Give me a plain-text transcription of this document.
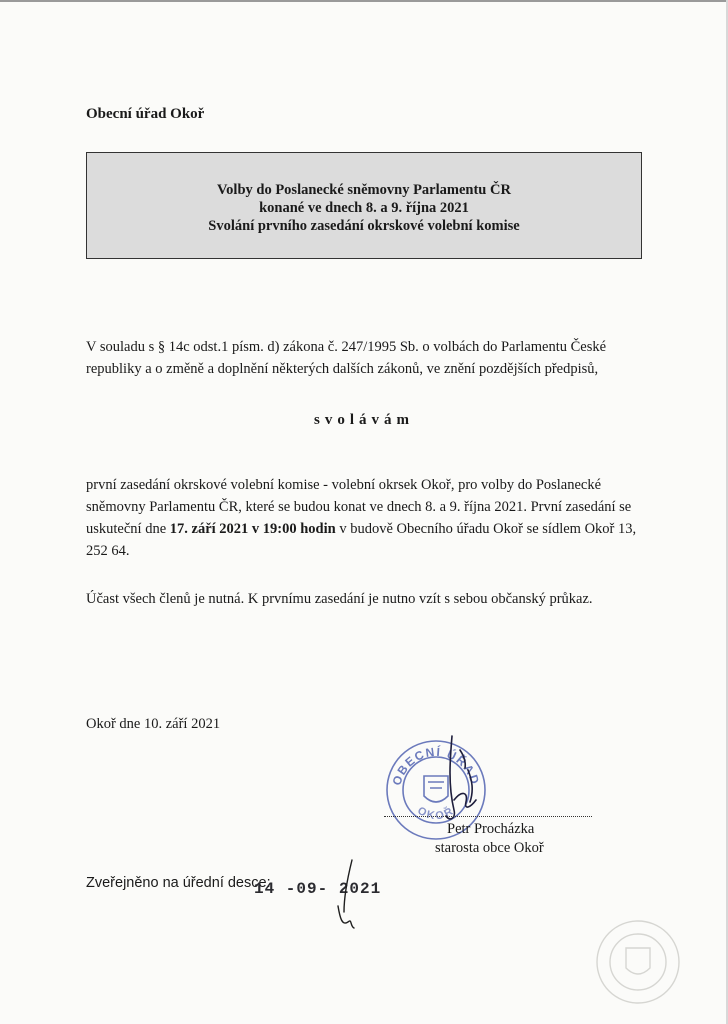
Obecní úřad Okoř
Volby do Poslanecké sněmovny Parlamentu ČR
konané ve dnech 8. a 9. října 2021
Svolání prvního zasedání okrskové volební komise
V souladu s § 14c odst.1 písm. d) zákona č. 247/1995 Sb. o volbách do Parlamentu České republiky a o změně a doplnění některých dalších zákonů, ve znění pozdějších předpisů,
svolávám
první zasedání okrskové volební komise - volební okrsek Okoř, pro volby do Poslanecké sněmovny Parlamentu ČR, které se budou konat ve dnech 8. a 9. října 2021. První zasedání se uskuteční dne 17. září 2021 v 19:00 hodin v budově Obecního úřadu Okoř se sídlem Okoř 13, 252 64.
Účast všech členů je nutná. K prvnímu zasedání je nutno vzít s sebou občanský průkaz.
Okoř dne 10. září 2021
OBECNÍ ÚŘAD
OKOŘ
Petr Procházka
starosta obce Okoř
Zveřejněno na úřední desce:
14 -09- 2021
